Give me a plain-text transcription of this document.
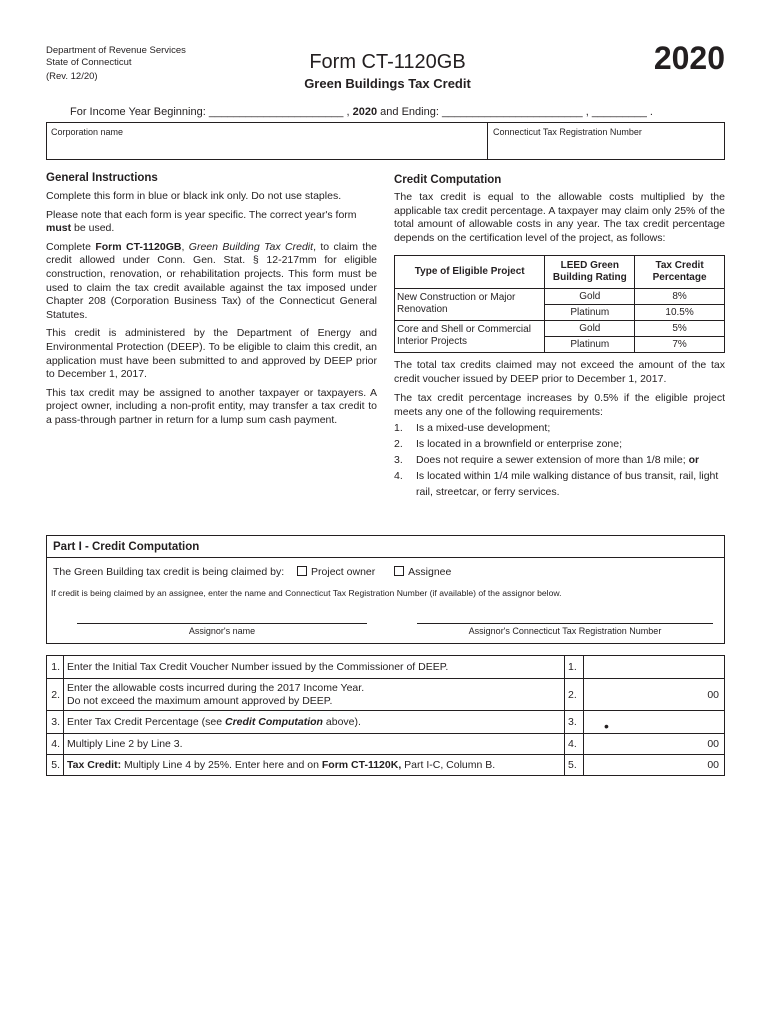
Department of Revenue Services
State of Connecticut
(Rev. 12/20)
Form CT-1120GB
Green Buildings Tax Credit
2020
For Income Year Beginning: ______________________ , 2020 and Ending: _______________________ , _________ .
Corporation name	Connecticut Tax Registration Number
General Instructions
Complete this form in blue or black ink only. Do not use staples.
Please note that each form is year specific. The correct year's form must be used.
Complete Form CT-1120GB, Green Building Tax Credit, to claim the credit allowed under Conn. Gen. Stat. § 12-217mm for eligible construction, renovation, or rehabilitation projects. This form must be used to claim the tax credit available against the tax imposed under Chapter 208 (Corporation Business Tax) of the Connecticut General Statutes.
This credit is administered by the Department of Energy and Environmental Protection (DEEP). To be eligible to claim this credit, an application must have been submitted to and approved by DEEP prior to December 1, 2017.
This tax credit may be assigned to another taxpayer or taxpayers. A project owner, including a non-profit entity, may transfer a tax credit to a pass-through partner in return for a lump sum cash payment.
Credit Computation
The tax credit is equal to the allowable costs multiplied by the applicable tax credit percentage. A taxpayer may claim only 25% of the total amount of allowable costs in any year. The tax credit percentage depends on the certification level of the project, as follows:
Type of Eligible Project	LEED Green Building Rating	Tax Credit Percentage
New Construction or Major Renovation	Gold	8%
	Platinum	10.5%
Core and Shell or Commercial Interior Projects	Gold	5%
	Platinum	7%
The total tax credits claimed may not exceed the amount of the tax credit voucher issued by DEEP prior to December 1, 2017.
The tax credit percentage increases by 0.5% if the eligible project meets any one of the following requirements:
1.	Is a mixed-use development;
2.	Is located in a brownfield or enterprise zone;
3.	Does not require a sewer extension of more than 1/8 mile; or
4.	Is located within 1/4 mile walking distance of bus transit, rail, light rail, streetcar, or ferry services.
Part I - Credit Computation
The Green Building tax credit is being claimed by:	Project owner	Assignee
If credit is being claimed by an assignee, enter the name and Connecticut Tax Registration Number (if available) of the assignor below.
Assignor's name	Assignor's Connecticut Tax Registration Number
1.	Enter the Initial Tax Credit Voucher Number issued by the Commissioner of DEEP.	1.	
2.	Enter the allowable costs incurred during the 2017 Income Year.
Do not exceed the maximum amount approved by DEEP.	2.	00
3.	Enter Tax Credit Percentage (see Credit Computation above).	3.	•
4.	Multiply Line 2 by Line 3.	4.	00
5.	Tax Credit: Multiply Line 4 by 25%. Enter here and on Form CT-1120K, Part I-C, Column B.	5.	00
